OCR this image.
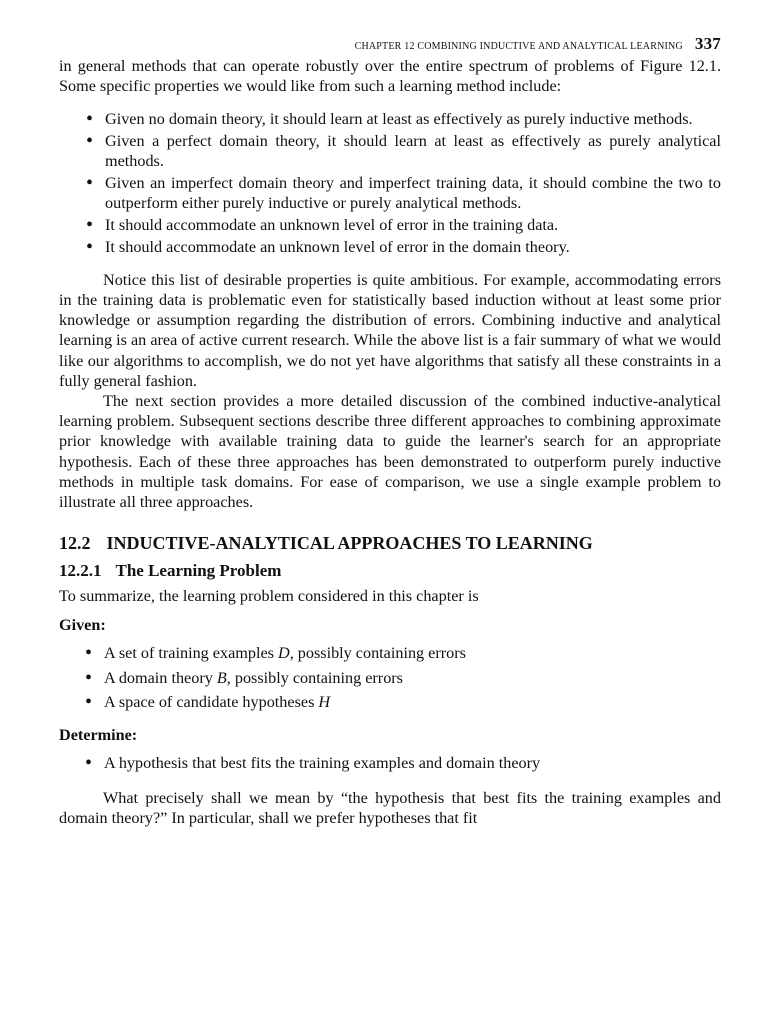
CHAPTER 12 COMBINING INDUCTIVE AND ANALYTICAL LEARNING 337

in general methods that can operate robustly over the entire spectrum of problems of Figure 12.1. Some specific properties we would like from such a learning method include:

• Given no domain theory, it should learn at least as effectively as purely inductive methods.
• Given a perfect domain theory, it should learn at least as effectively as purely analytical methods.
• Given an imperfect domain theory and imperfect training data, it should combine the two to outperform either purely inductive or purely analytical methods.
• It should accommodate an unknown level of error in the training data.
• It should accommodate an unknown level of error in the domain theory.

Notice this list of desirable properties is quite ambitious. For example, accommodating errors in the training data is problematic even for statistically based induction without at least some prior knowledge or assumption regarding the distribution of errors. Combining inductive and analytical learning is an area of active current research. While the above list is a fair summary of what we would like our algorithms to accomplish, we do not yet have algorithms that satisfy all these constraints in a fully general fashion.

The next section provides a more detailed discussion of the combined inductive-analytical learning problem. Subsequent sections describe three different approaches to combining approximate prior knowledge with available training data to guide the learner's search for an appropriate hypothesis. Each of these three approaches has been demonstrated to outperform purely inductive methods in multiple task domains. For ease of comparison, we use a single example problem to illustrate all three approaches.

12.2 INDUCTIVE-ANALYTICAL APPROACHES TO LEARNING
12.2.1 The Learning Problem

To summarize, the learning problem considered in this chapter is

Given:
• A set of training examples D, possibly containing errors
• A domain theory B, possibly containing errors
• A space of candidate hypotheses H
Determine:
• A hypothesis that best fits the training examples and domain theory

What precisely shall we mean by “the hypothesis that best fits the training examples and domain theory?” In particular, shall we prefer hypotheses that fit
